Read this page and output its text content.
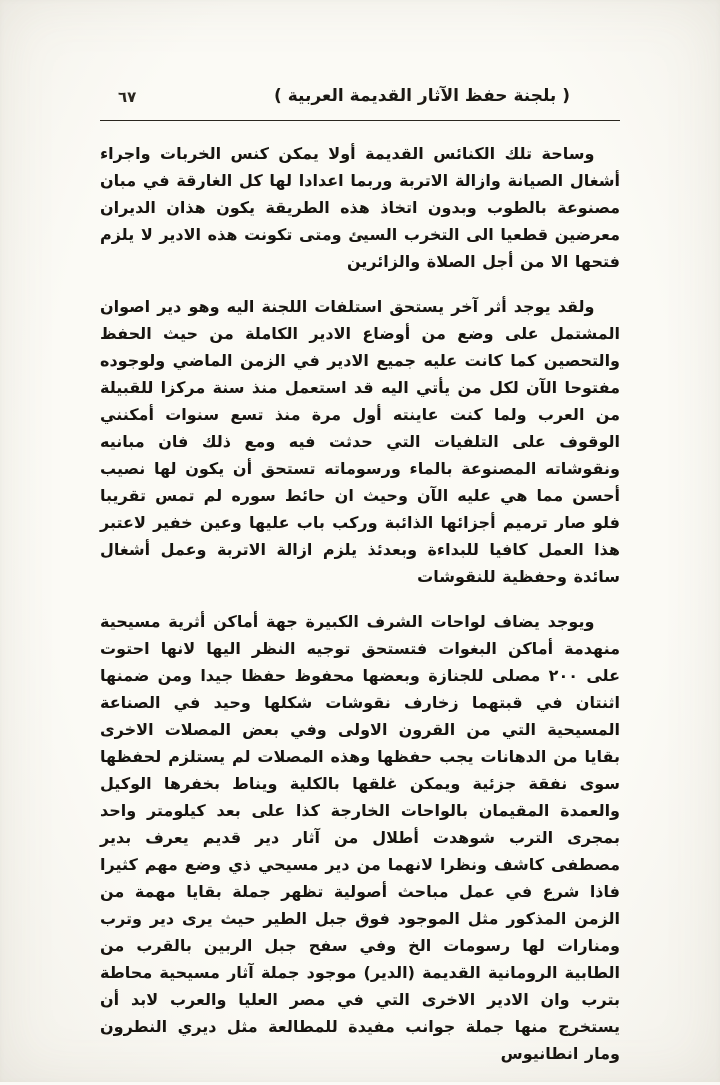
٦٧	( بلجنة حفظ الآثار القديمة العربية )

وساحة تلك الكنائس القديمة أولا يمكن كنس الخربات واجراء أشغال الصيانة وازالة الاتربة وربما اعدادا لها كل الغارقة في مبان مصنوعة بالطوب وبدون اتخاذ هذه الطريقة يكون هذان الديران معرضين قطعيا الى التخرب السيئ ومتى تكونت هذه الادير لا يلزم فتحها الا من أجل الصلاة والزائرين

ولقد يوجد أثر آخر يستحق استلفات اللجنة اليه وهو دير اصوان المشتمل على وضع من أوضاع الادير الكاملة من حيث الحفظ والتحصين كما كانت عليه جميع الادير في الزمن الماضي ولوجوده مفتوحا الآن لكل من يأتي اليه قد استعمل منذ سنة مركزا للقبيلة من العرب ولما كنت عاينته أول مرة منذ تسع سنوات أمكنني الوقوف على التلفيات التي حدثت فيه ومع ذلك فان مبانيه ونقوشاته المصنوعة بالماء ورسوماته تستحق أن يكون لها نصيب أحسن مما هي عليه الآن وحيث ان حائط سوره لم تمس تقريبا فلو صار ترميم أجزائها الذائبة وركب باب عليها وعين خفير لاعتبر هذا العمل كافيا للبداءة وبعدئذ يلزم ازالة الاتربة وعمل أشغال سائدة وحفظية للنقوشات

ويوجد يضاف لواحات الشرف الكبيرة جهة أماكن أثرية مسيحية منهدمة أماكن البغوات فتستحق توجيه النظر اليها لانها احتوت على ٢٠٠ مصلى للجنازة وبعضها محفوظ حفظا جيدا ومن ضمنها اثنتان في قبتهما زخارف نقوشات شكلها وحيد في الصناعة المسيحية التي من القرون الاولى وفي بعض المصلات الاخرى بقايا من الدهانات يجب حفظها وهذه المصلات لم يستلزم لحفظها سوى نفقة جزئية ويمكن غلقها بالكلية ويناط بخفرها الوكيل والعمدة المقيمان بالواحات الخارجة كذا على بعد كيلومتر واحد بمجرى الترب شوهدت أطلال من آثار دير قديم يعرف بدير مصطفى كاشف ونظرا لانهما من دير مسيحي ذي وضع مهم كثيرا فاذا شرع في عمل مباحث أصولية تظهر جملة بقايا مهمة من الزمن المذكور مثل الموجود فوق جبل الطير حيث يرى دير وترب ومنارات لها رسومات الخ وفي سفح جبل الربين بالقرب من الطابية الرومانية القديمة (الدير) موجود جملة آثار مسيحية محاطة بترب وان الادير الاخرى التي في مصر العليا والعرب لابد أن يستخرج منها جملة جوانب مفيدة للمطالعة مثل ديري النطرون ومار انطانيوس
